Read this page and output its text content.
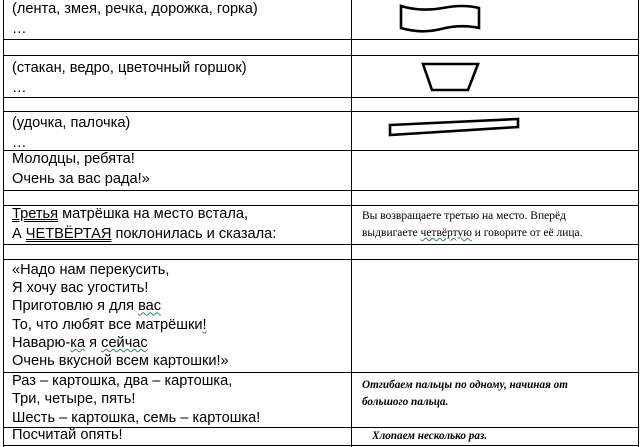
(лента, змея, речка, дорожка, горка)
…
(стакан, ведро, цветочный горшок)
…
(удочка, палочка)
…
Молодцы, ребята!
Очень за вас рада!»
Третья матрёшка на место встала,
А ЧЕТВЁРТАЯ поклонилась и сказала:
Вы возвращаете третью на место. Вперёд
выдвигаете четвёртую и говорите от её лица.
«Надо нам перекусить,
Я хочу вас угостить!
Приготовлю я для вас
То, что любят все матрёшки!
Наварю-ка я сейчас
Очень вкусной всем картошки!»
Раз – картошка, два – картошка,
Три, четыре, пять!
Шесть – картошка, семь – картошка!
Отгибаем пальцы по одному, начиная от
большого пальца.
Посчитай опять!	Хлопаем несколько раз.
